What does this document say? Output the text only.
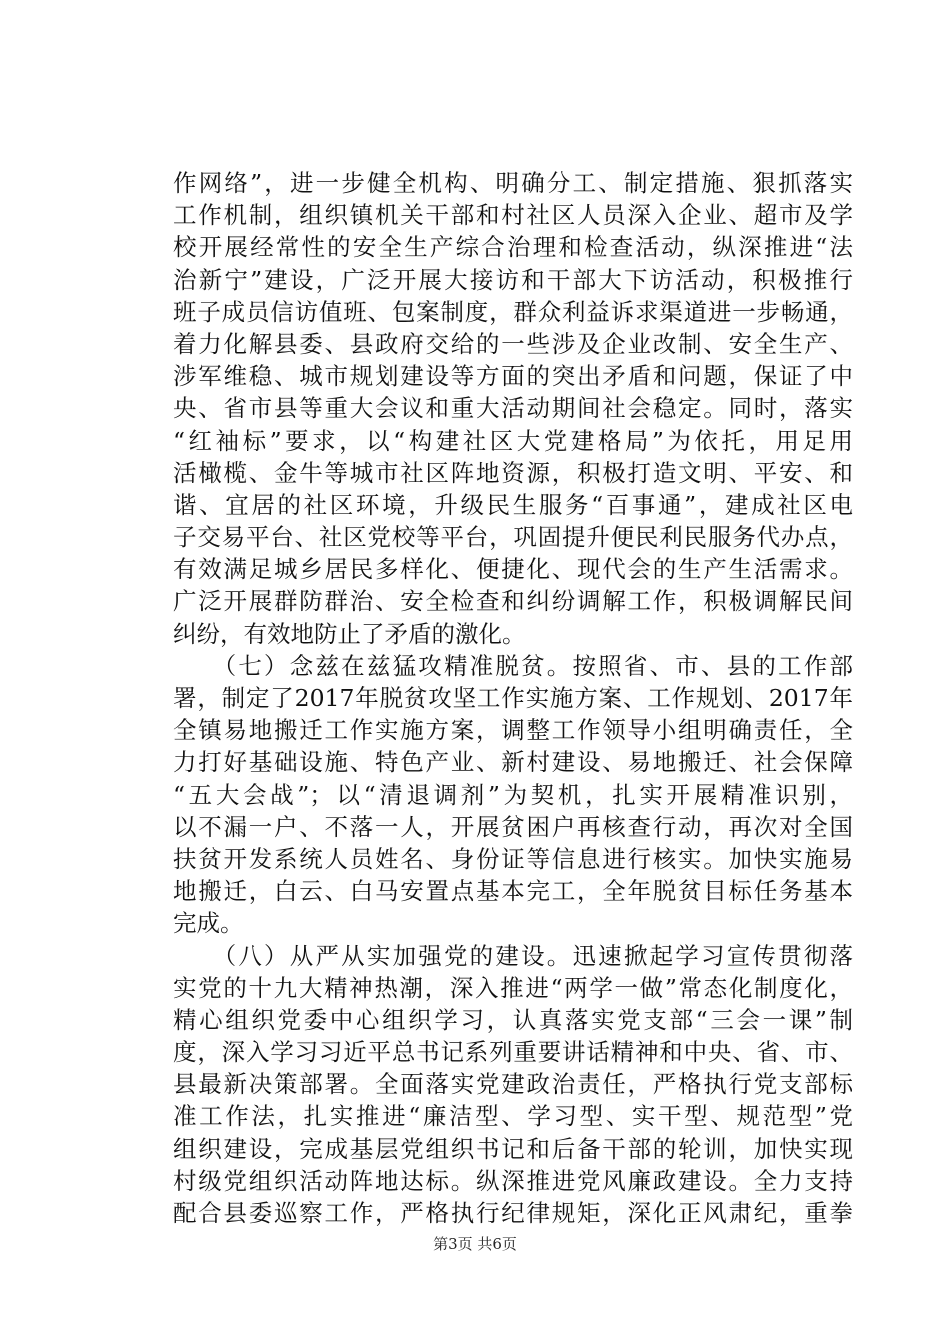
作网络”，进一步健全机构、明确分工、制定措施、狠抓落实
工作机制，组织镇机关干部和村社区人员深入企业、超市及学
校开展经常性的安全生产综合治理和检查活动，纵深推进“法
治新宁”建设，广泛开展大接访和干部大下访活动，积极推行
班子成员信访值班、包案制度，群众利益诉求渠道进一步畅通，
着力化解县委、县政府交给的一些涉及企业改制、安全生产、
涉军维稳、城市规划建设等方面的突出矛盾和问题，保证了中
央、省市县等重大会议和重大活动期间社会稳定。同时，落实
“红袖标”要求，以“构建社区大党建格局”为依托，用足用
活橄榄、金牛等城市社区阵地资源，积极打造文明、平安、和
谐、宜居的社区环境，升级民生服务“百事通”，建成社区电
子交易平台、社区党校等平台，巩固提升便民利民服务代办点，
有效满足城乡居民多样化、便捷化、现代会的生产生活需求。
广泛开展群防群治、安全检查和纠纷调解工作，积极调解民间
纠纷，有效地防止了矛盾的激化。
　　（七）念兹在兹猛攻精准脱贫。按照省、市、县的工作部
署，制定了2017年脱贫攻坚工作实施方案、工作规划、2017年
全镇易地搬迁工作实施方案，调整工作领导小组明确责任，全
力打好基础设施、特色产业、新村建设、易地搬迁、社会保障
“五大会战”；以“清退调剂”为契机，扎实开展精准识别，
以不漏一户、不落一人，开展贫困户再核查行动，再次对全国
扶贫开发系统人员姓名、身份证等信息进行核实。加快实施易
地搬迁，白云、白马安置点基本完工，全年脱贫目标任务基本
完成。
　　（八）从严从实加强党的建设。迅速掀起学习宣传贯彻落
实党的十九大精神热潮，深入推进“两学一做”常态化制度化，
精心组织党委中心组织学习，认真落实党支部“三会一课”制
度，深入学习习近平总书记系列重要讲话精神和中央、省、市、
县最新决策部署。全面落实党建政治责任，严格执行党支部标
准工作法，扎实推进“廉洁型、学习型、实干型、规范型”党
组织建设，完成基层党组织书记和后备干部的轮训，加快实现
村级党组织活动阵地达标。纵深推进党风廉政建设。全力支持
配合县委巡察工作，严格执行纪律规矩，深化正风肃纪，重拳
第3页 共6页
